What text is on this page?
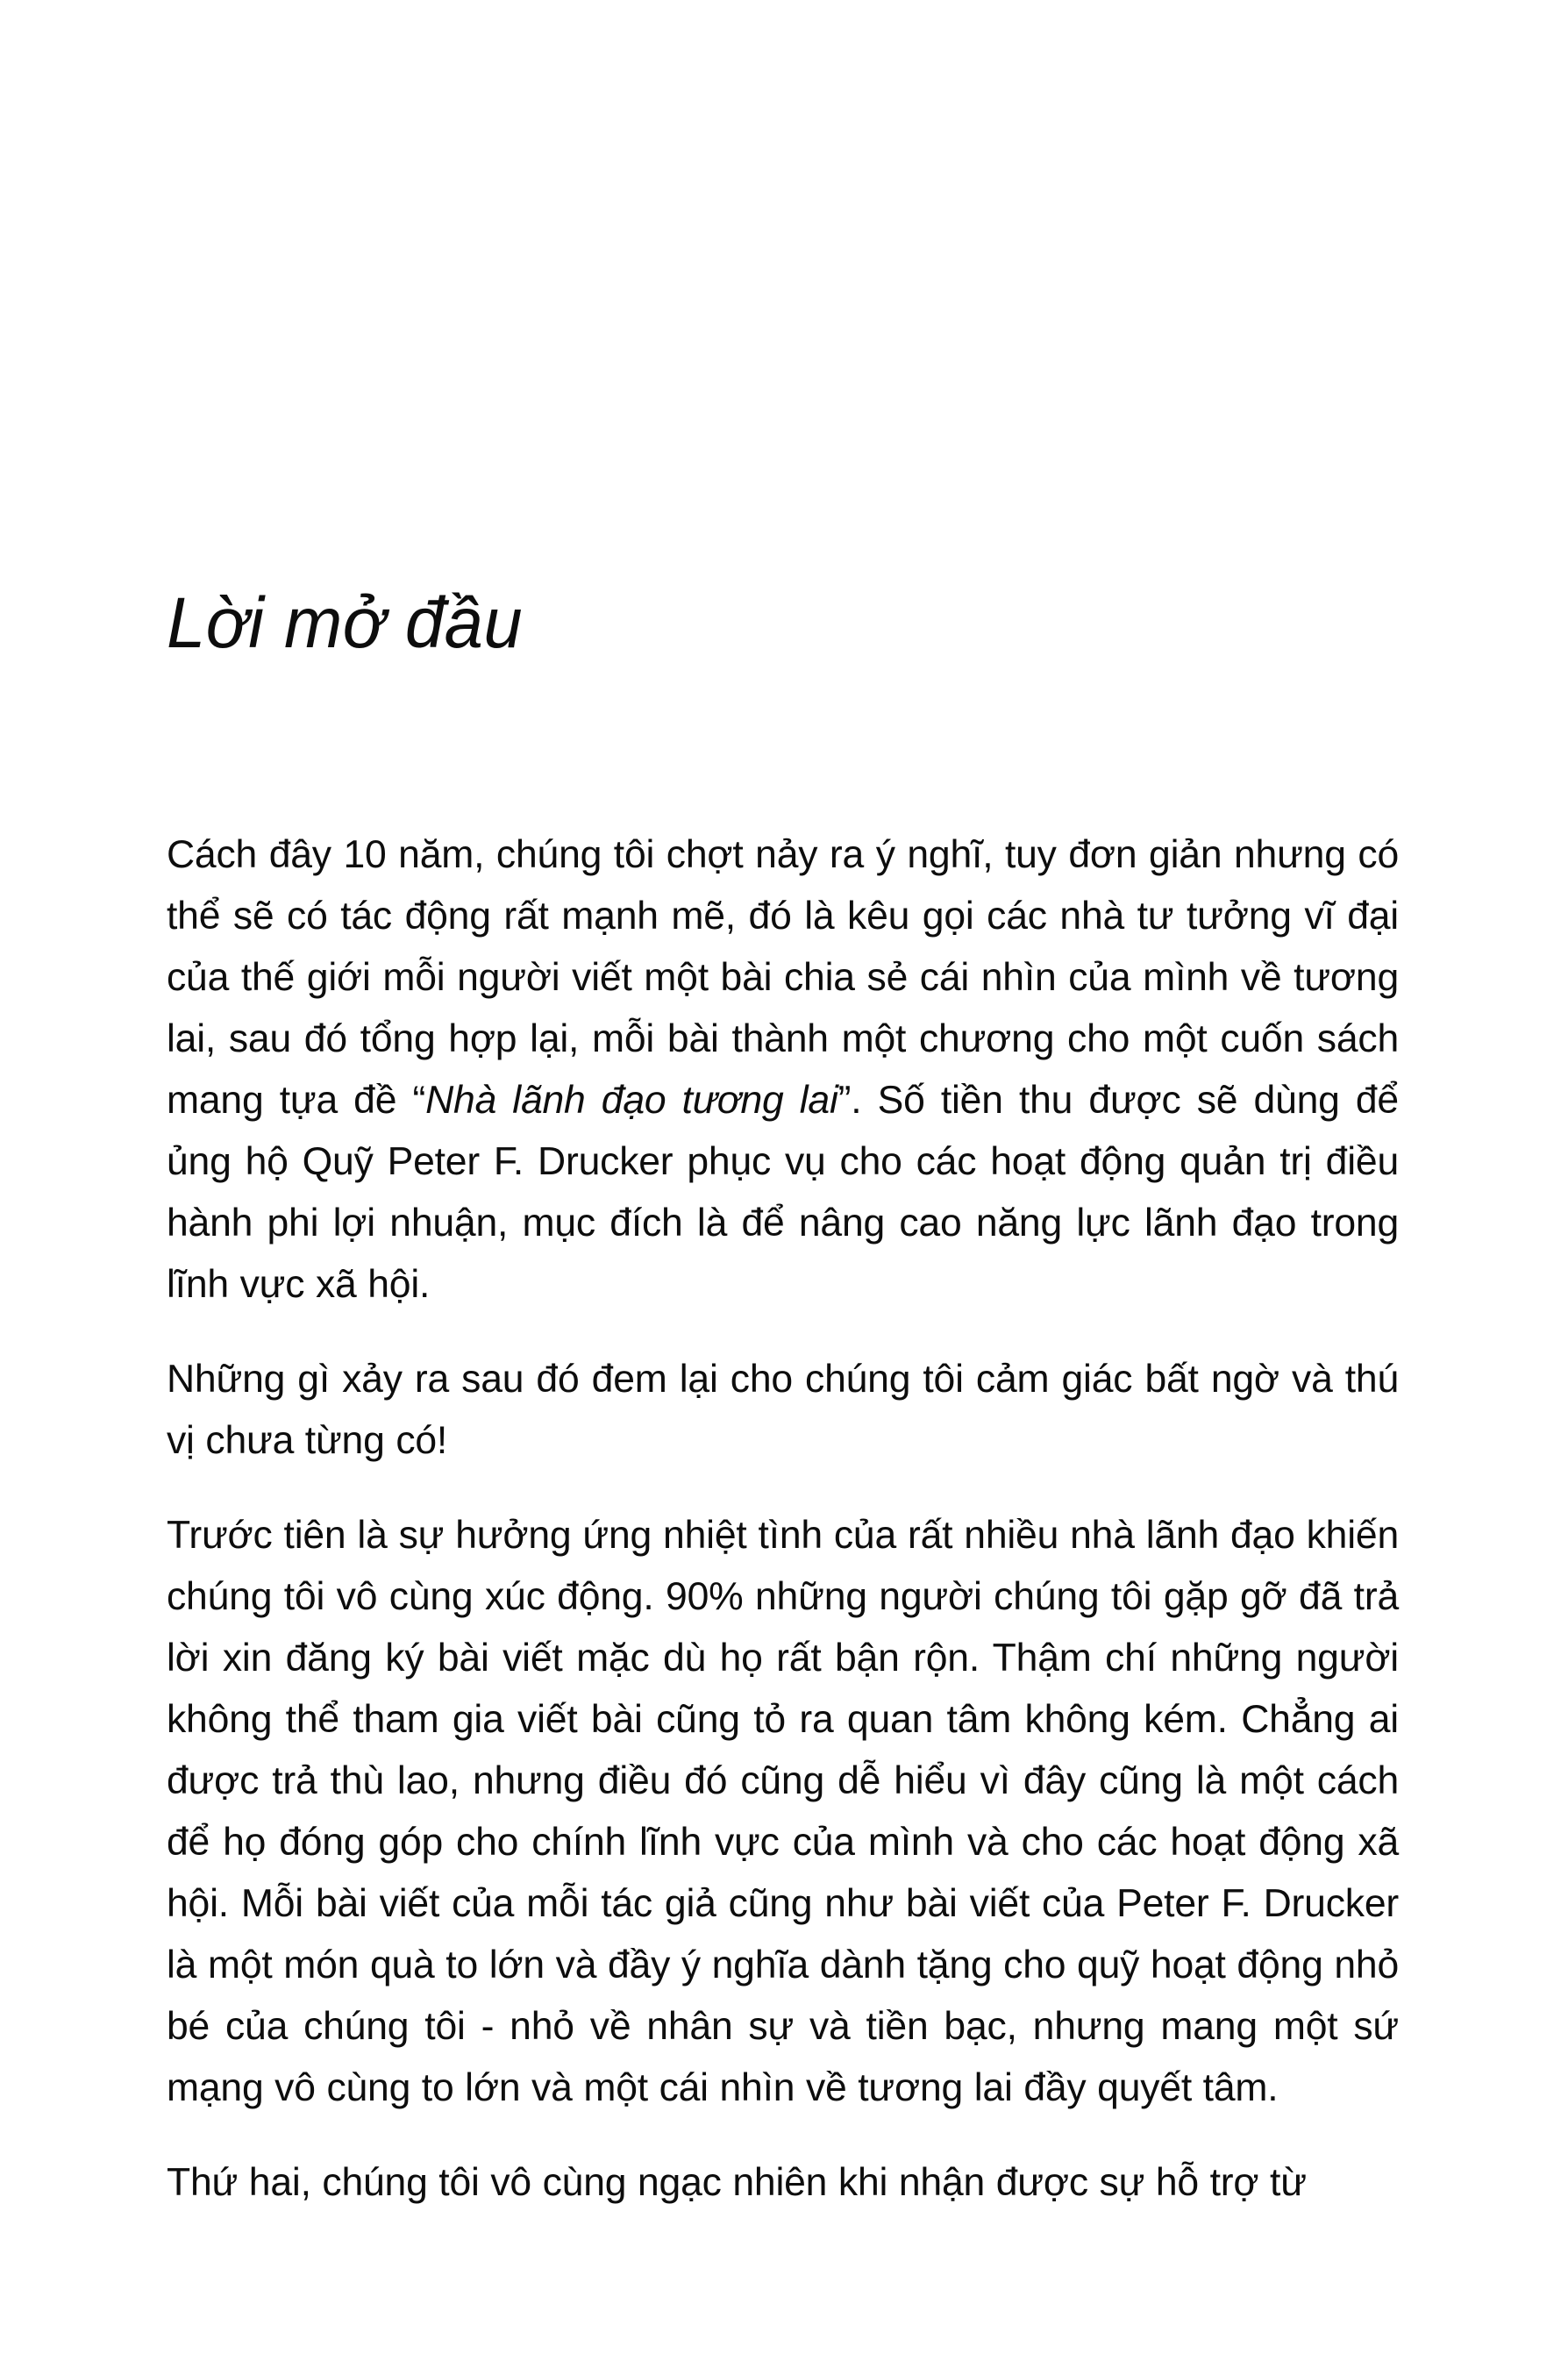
Lời mở đầu

Cách đây 10 năm, chúng tôi chợt nảy ra ý nghĩ, tuy đơn giản nhưng có thể sẽ có tác động rất mạnh mẽ, đó là kêu gọi các nhà tư tưởng vĩ đại của thế giới mỗi người viết một bài chia sẻ cái nhìn của mình về tương lai, sau đó tổng hợp lại, mỗi bài thành một chương cho một cuốn sách mang tựa đề “Nhà lãnh đạo tương lai”. Số tiền thu được sẽ dùng để ủng hộ Quỹ Peter F. Drucker phục vụ cho các hoạt động quản trị điều hành phi lợi nhuận, mục đích là để nâng cao năng lực lãnh đạo trong lĩnh vực xã hội.

Những gì xảy ra sau đó đem lại cho chúng tôi cảm giác bất ngờ và thú vị chưa từng có!

Trước tiên là sự hưởng ứng nhiệt tình của rất nhiều nhà lãnh đạo khiến chúng tôi vô cùng xúc động. 90% những người chúng tôi gặp gỡ đã trả lời xin đăng ký bài viết mặc dù họ rất bận rộn. Thậm chí những người không thể tham gia viết bài cũng tỏ ra quan tâm không kém. Chẳng ai được trả thù lao, nhưng điều đó cũng dễ hiểu vì đây cũng là một cách để họ đóng góp cho chính lĩnh vực của mình và cho các hoạt động xã hội. Mỗi bài viết của mỗi tác giả cũng như bài viết của Peter F. Drucker là một món quà to lớn và đầy ý nghĩa dành tặng cho quỹ hoạt động nhỏ bé của chúng tôi - nhỏ về nhân sự và tiền bạc, nhưng mang một sứ mạng vô cùng to lớn và một cái nhìn về tương lai đầy quyết tâm.

Thứ hai, chúng tôi vô cùng ngạc nhiên khi nhận được sự hỗ trợ từ
